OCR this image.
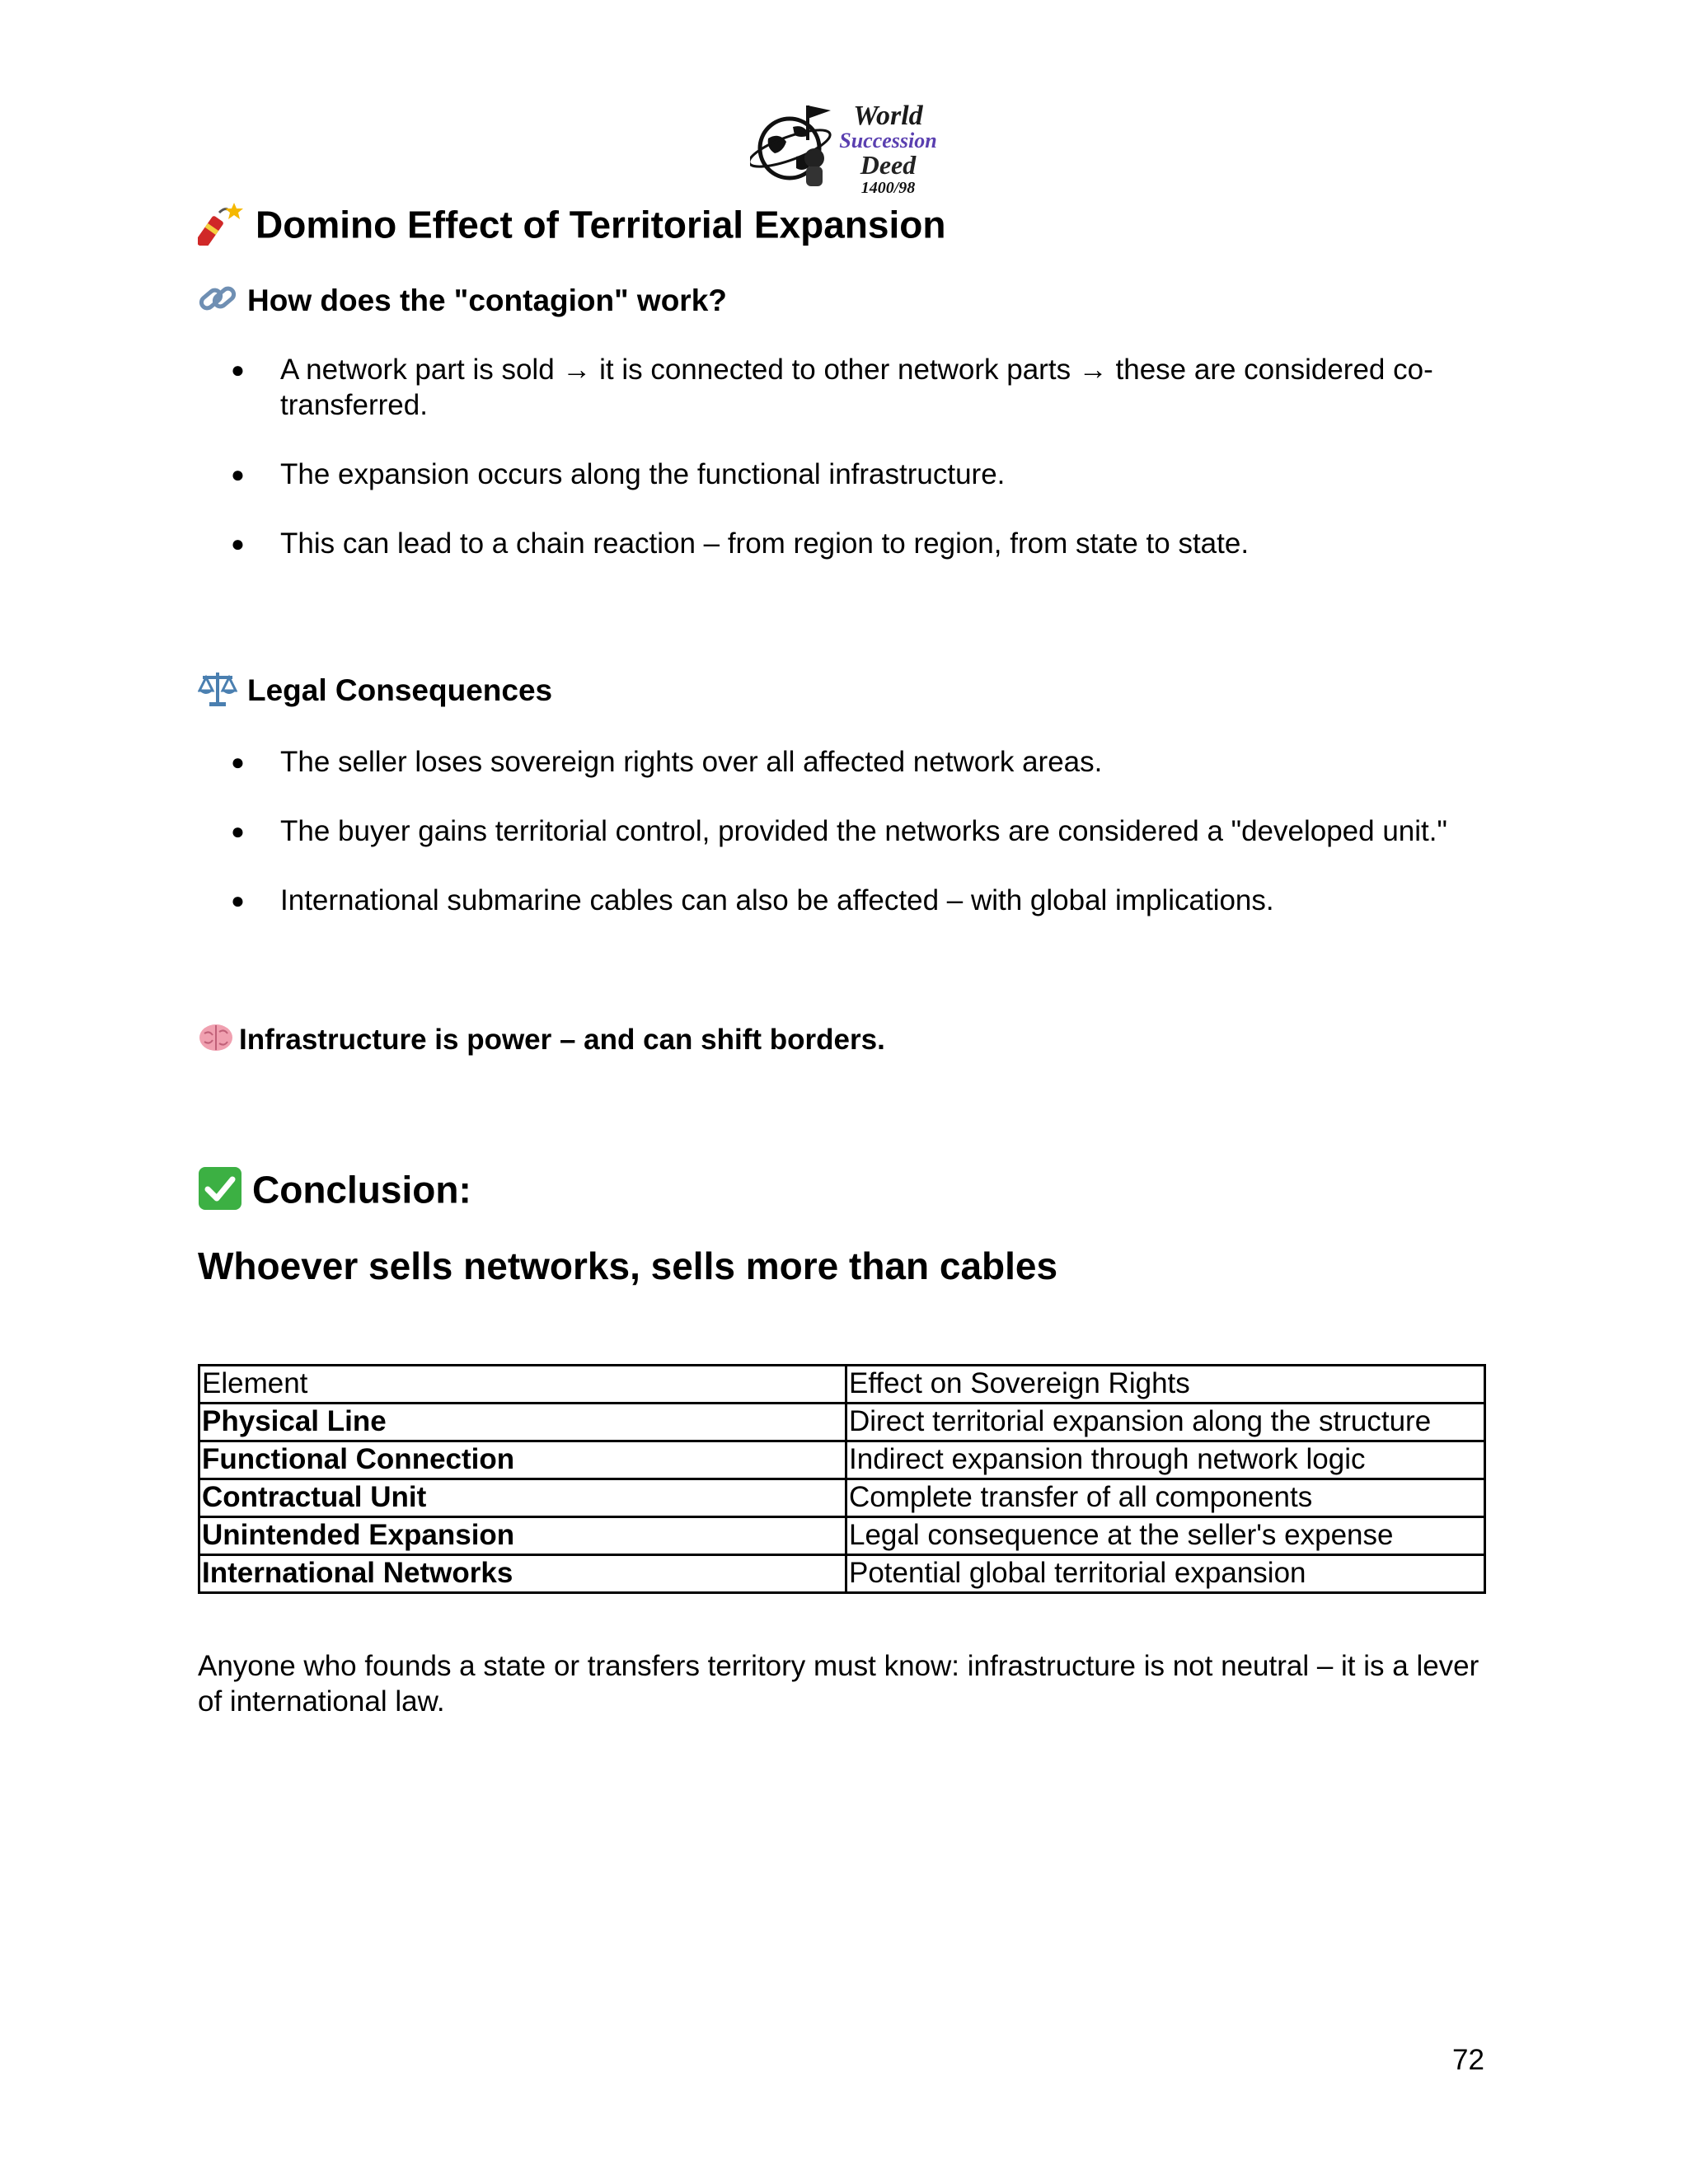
World
Succession
Deed
1400/98
Domino Effect of Territorial Expansion
How does the "contagion" work?
● A network part is sold → it is connected to other network parts → these are considered co-transferred.
● The expansion occurs along the functional infrastructure.
● This can lead to a chain reaction – from region to region, from state to state.
Legal Consequences
● The seller loses sovereign rights over all affected network areas.
● The buyer gains territorial control, provided the networks are considered a "developed unit."
● International submarine cables can also be affected – with global implications.
Infrastructure is power – and can shift borders.
Conclusion:
Whoever sells networks, sells more than cables
Element	Effect on Sovereign Rights
Physical Line	Direct territorial expansion along the structure
Functional Connection	Indirect expansion through network logic
Contractual Unit	Complete transfer of all components
Unintended Expansion	Legal consequence at the seller's expense
International Networks	Potential global territorial expansion
Anyone who founds a state or transfers territory must know: infrastructure is not neutral – it is a lever of international law.
72
